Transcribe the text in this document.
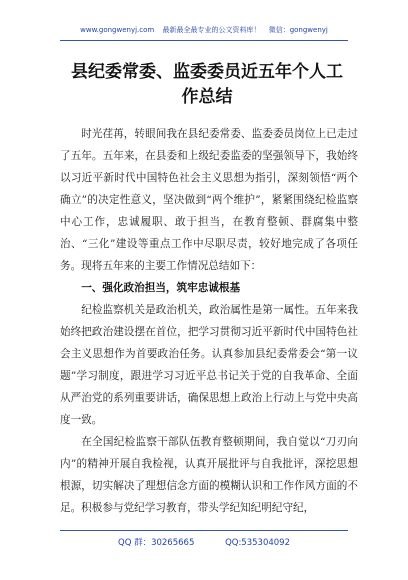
www.gongwenyj.com 最新最全最专业的公文资料库！ 微信：gongwenyj
县纪委常委、监委委员近五年个人工作总结

时光荏苒，转眼间我在县纪委常委、监委委员岗位上已走过了五年。五年来，在县委和上级纪委监委的坚强领导下，我始终以习近平新时代中国特色社会主义思想为指引，深刻领悟“两个确立”的决定性意义，坚决做到“两个维护”，紧紧围绕纪检监察中心工作，忠诚履职、敢于担当，在教育整顿、群腐集中整治、“三化”建设等重点工作中尽职尽责，较好地完成了各项任务。现将五年来的主要工作情况总结如下：

一、强化政治担当，筑牢忠诚根基

纪检监察机关是政治机关，政治属性是第一属性。五年来我始终把政治建设摆在首位，把学习贯彻习近平新时代中国特色社会主义思想作为首要政治任务。认真参加县纪委常委会“第一议题”学习制度，跟进学习习近平总书记关于党的自我革命、全面从严治党的系列重要讲话，确保思想上政治上行动上与党中央高度一致。

在全国纪检监察干部队伍教育整顿期间，我自觉以“刀刃向内”的精神开展自我检视，认真开展批评与自我批评，深挖思想根源，切实解决了理想信念方面的模糊认识和工作作风方面的不足。积极参与党纪学习教育，带头学纪知纪明纪守纪，

QQ 群：30265665	QQ:535304092
